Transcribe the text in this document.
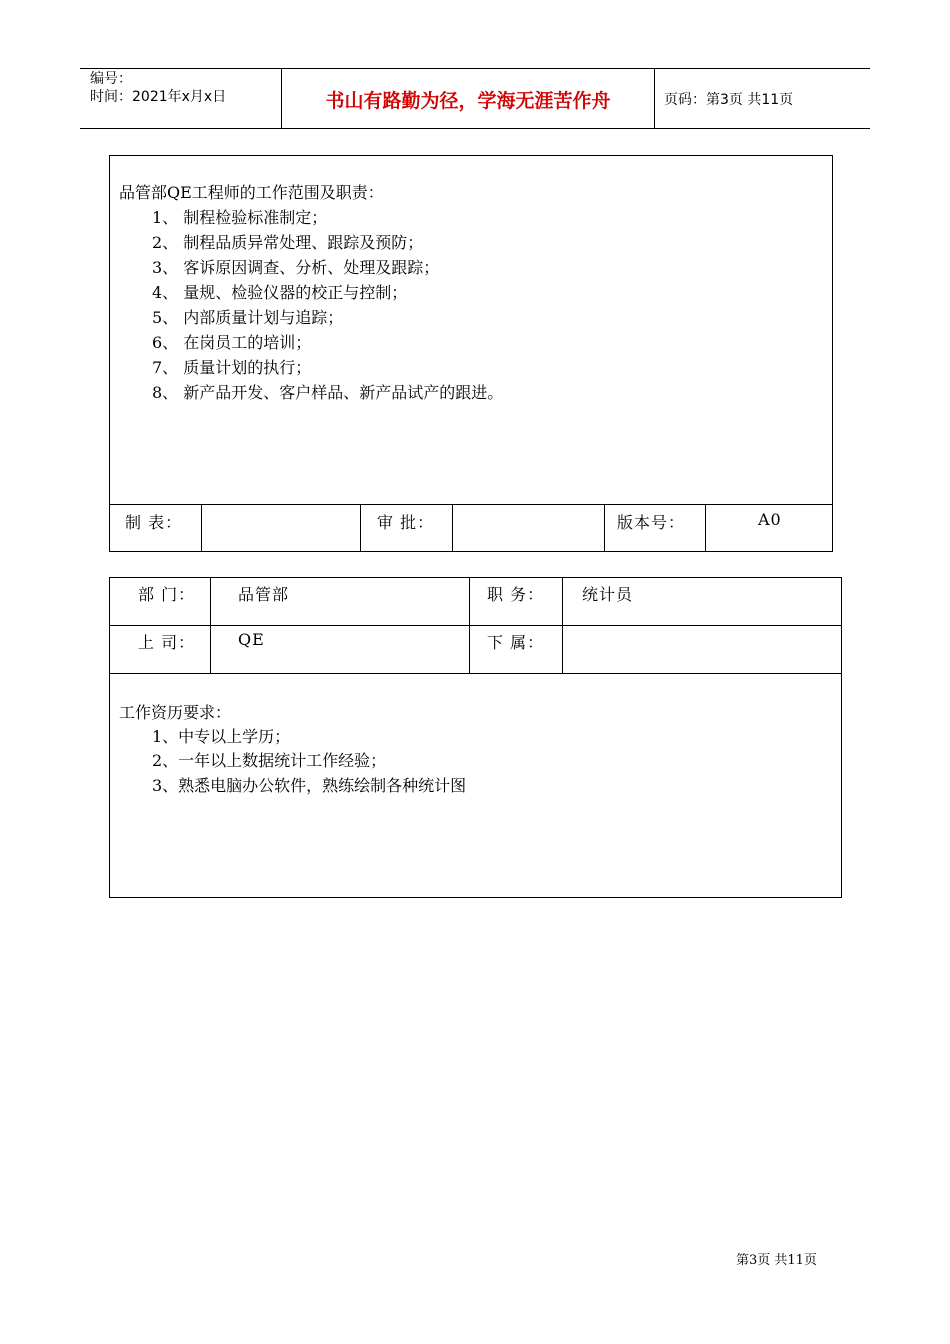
编号：
时间：2021年x月x日	书山有路勤为径，学海无涯苦作舟	页码：第3页 共11页
品管部QE工程师的工作范围及职责：
1、 制程检验标准制定；
2、 制程品质异常处理、跟踪及预防；
3、 客诉原因调查、分析、处理及跟踪；
4、 量规、检验仪器的校正与控制；
5、 内部质量计划与追踪；
6、 在岗员工的培训；
7、 质量计划的执行；
8、 新产品开发、客户样品、新产品试产的跟进。
制 表：	审 批：	版本号：	A0
部 门：	品管部	职 务： 统计员
上 司：	QE	下 属：
工作资历要求：
1、中专以上学历；
2、一年以上数据统计工作经验；
3、熟悉电脑办公软件，熟练绘制各种统计图
第3页 共11页
